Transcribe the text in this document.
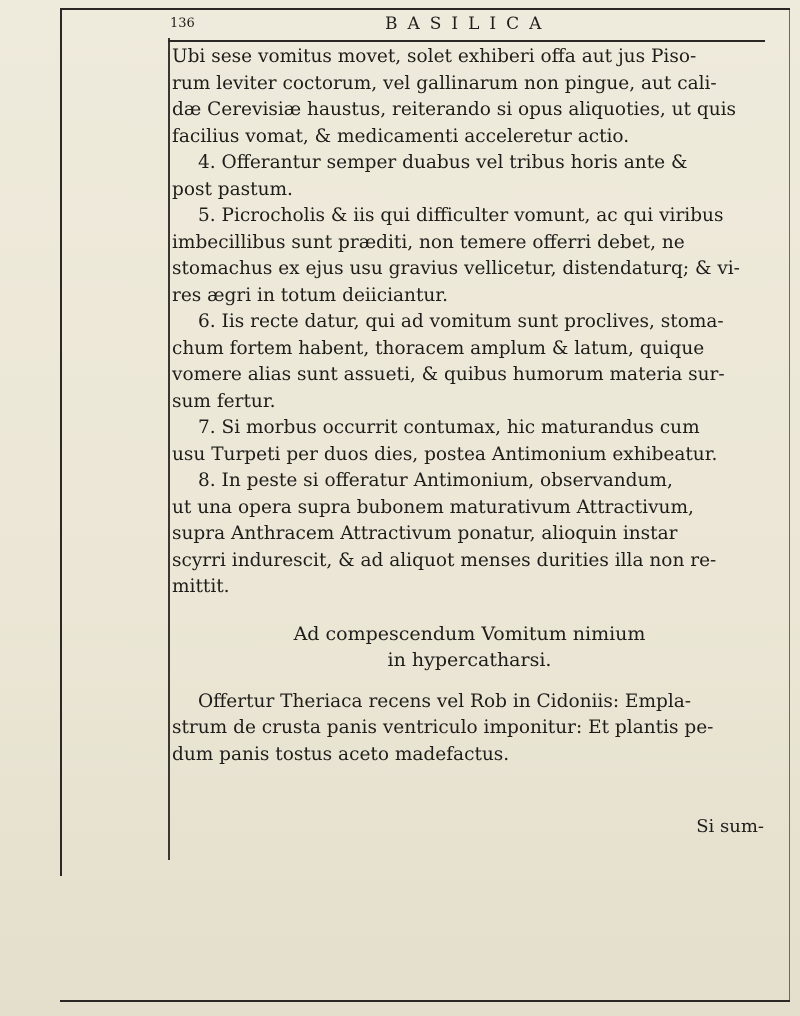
136	BASILICA
Ubi sese vomitus movet, solet exhiberi offa aut jus Piso-
rum leviter coctorum, vel gallinarum non pingue, aut cali-
dæ Cerevisiæ haustus, reiterando si opus aliquoties, ut quis
facilius vomat, & medicamenti acceleretur actio.
4. Offerantur semper duabus vel tribus horis ante &
post pastum.
5. Picrocholis & iis qui difficulter vomunt, ac qui viribus
imbecillibus sunt præditi, non temere offerri debet, ne
stomachus ex ejus usu gravius vellicetur, distendaturq; & vi-
res ægri in totum deiiciantur.
6. Iis recte datur, qui ad vomitum sunt proclives, stoma-
chum fortem habent, thoracem amplum & latum, quique
vomere alias sunt assueti, & quibus humorum materia sur-
sum fertur.
7. Si morbus occurrit contumax, hic maturandus cum
usu Turpeti per duos dies, postea Antimonium exhibeatur.
8. In peste si offeratur Antimonium, observandum,
ut una opera supra bubonem maturativum Attractivum,
supra Anthracem Attractivum ponatur, alioquin instar
scyrri indurescit, & ad aliquot menses durities illa non re-
mittit.
Ad compescendum Vomitum nimium
in hypercatharsi.
Offertur Theriaca recens vel Rob in Cidoniis: Empla-
strum de crusta panis ventriculo imponitur: Et plantis pe-
dum panis tostus aceto madefactus.
Si sum-
